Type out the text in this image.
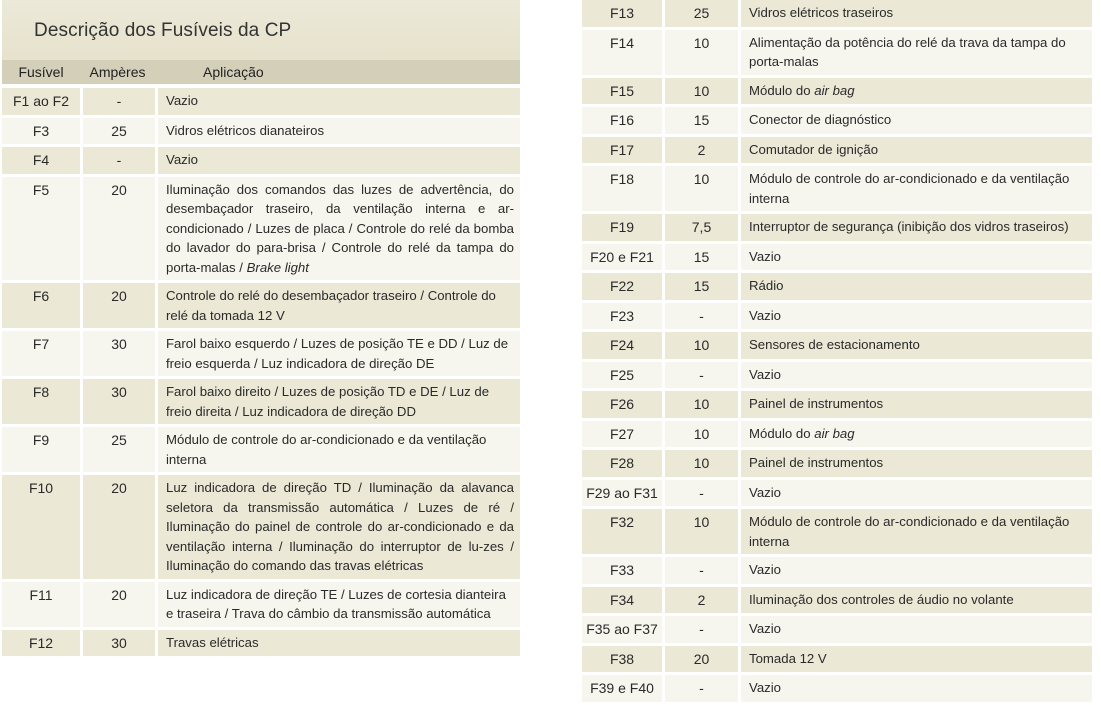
Descrição dos Fusíveis da CP
Fusível	Ampères	Aplicação
F1 ao F2	-	Vazio
F3	25	Vidros elétricos dianateiros
F4	-	Vazio
F5	20	Iluminação dos comandos das luzes de advertência, do desembaçador traseiro, da ventilação interna e ar-condicionado / Luzes de placa / Controle do relé da bomba do lavador do para-brisa / Controle do relé da tampa do porta-malas / Brake light
F6	20	Controle do relé do desembaçador traseiro / Controle do relé da tomada 12 V
F7	30	Farol baixo esquerdo / Luzes de posição TE e DD / Luz de freio esquerda / Luz indicadora de direção DE
F8	30	Farol baixo direito / Luzes de posição TD e DE / Luz de freio direita / Luz indicadora de direção DD
F9	25	Módulo de controle do ar-condicionado e da ventilação interna
F10	20	Luz indicadora de direção TD / Iluminação da alavanca seletora da transmissão automática / Luzes de ré / Iluminação do painel de controle do ar-condicionado e da ventilação interna / Iluminação do interruptor de lu-zes / Iluminação do comando das travas elétricas
F11	20	Luz indicadora de direção TE / Luzes de cortesia dianteira e traseira / Trava do câmbio da transmissão automática
F12	30	Travas elétricas
F13	25	Vidros elétricos traseiros
F14	10	Alimentação da potência do relé da trava da tampa do porta-malas
F15	10	Módulo do air bag
F16	15	Conector de diagnóstico
F17	2	Comutador de ignição
F18	10	Módulo de controle do ar-condicionado e da ventilação interna
F19	7,5	Interruptor de segurança (inibição dos vidros traseiros)
F20 e F21	15	Vazio
F22	15	Rádio
F23	-	Vazio
F24	10	Sensores de estacionamento
F25	-	Vazio
F26	10	Painel de instrumentos
F27	10	Módulo do air bag
F28	10	Painel de instrumentos
F29 ao F31	-	Vazio
F32	10	Módulo de controle do ar-condicionado e da ventilação interna
F33	-	Vazio
F34	2	Iluminação dos controles de áudio no volante
F35 ao F37	-	Vazio
F38	20	Tomada 12 V
F39 e F40	-	Vazio
